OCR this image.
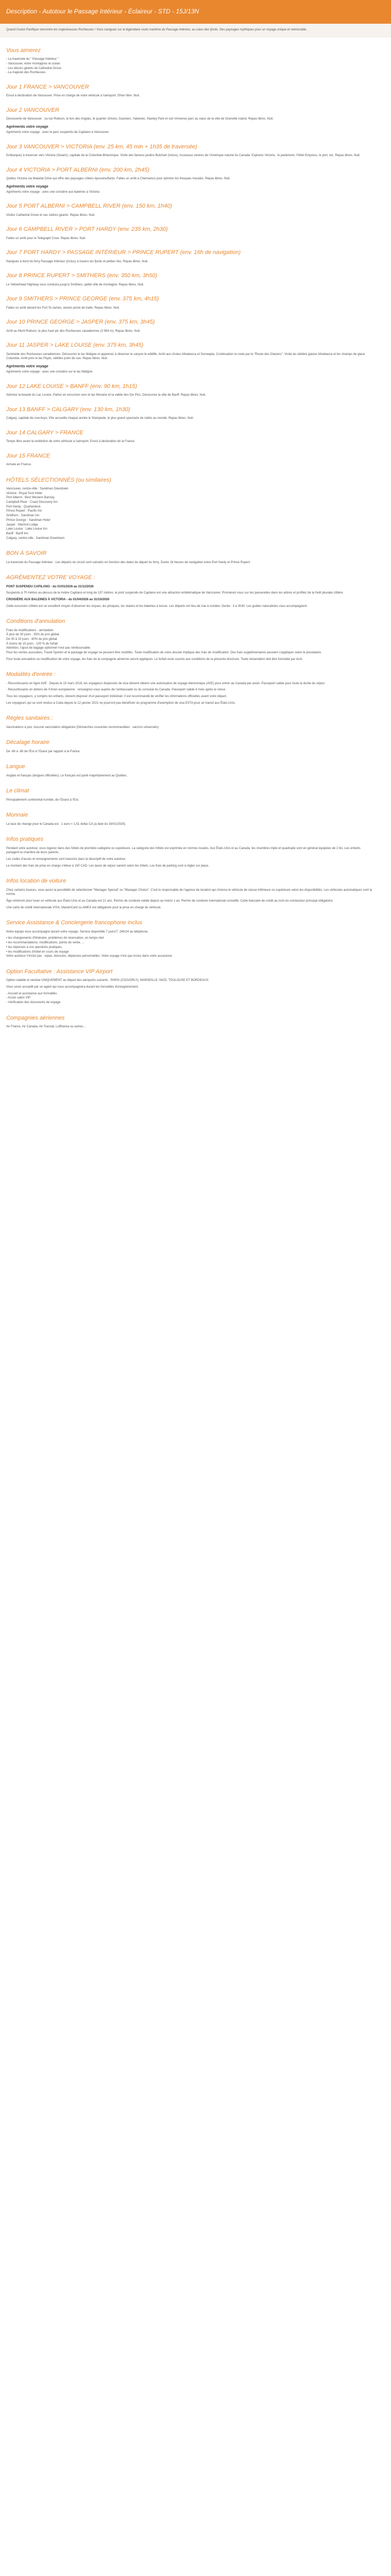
Description - Autotour le Passage Intérieur - Éclaireur - STD - 15J/13N
Quand l'ouest Pacifique rencontre les majestueuses Rocheuses ! Vous naviguez sur la légendaire route maritime du Passage Intérieur, au cœur des fjords. Des paysages mythiques pour un voyage unique et mémorable.
Vous aimerez
- La traversée du " Passage Intérieur "
- Vancouver, entre montagnes et océan
- Les décors géants de Cathedral Grove
- La majesté des Rocheuses
Jour 1 FRANCE > VANCOUVER
Envol à destination de Vancouver. Prise en charge de votre véhicule à l'aéroport. Dîner libre. Nuit.
Jour 2 VANCOUVER
Découverte de Vancouver : sa rue Robson, le lion des Anglais, le quartier chinois, Gastown, Yaletown, Stanley Park et son immense parc au cœur de la ville de Granville Island. Repas libres. Nuit.
Agréments votre voyage
Agréments votre voyage : avec le parc suspendu de Capilano à Vancouver
Jour 3 VANCOUVER > VICTORIA (env. 25 km, 45 min + 1h35 de traversée)
Embarquez à traverser vers Victoria (Swartz), capitale de la Colombie-Britannique. Visite des fameux jardins Butchart (inclus), nouveaux centres de l'Amérique naturel du Canada. Explorez Victoria : le parlement, l'hôtel Empress, le port, etc. Repas libres. Nuit.
Jour 4 VICTORIA > PORT ALBERNI (env. 200 km, 2h45)
Quittez Victoria via Malahat Drive qui offre des paysages côtiers époustouflants. Faites un arrêt à Chemainus pour admirer les fresques murales. Repas libres. Nuit.
Agréments votre voyage
Agréments votre voyage : avec une croisière aux baleines à Victoria
Jour 5 PORT ALBERNI > CAMPBELL RIVER (env. 150 km, 1h40)
Visitez Cathedral Grove et ses cèdres géants. Repas libres. Nuit.
Jour 6 CAMPBELL RIVER > PORT HARDY (env. 235 km, 2h30)
Faites un arrêt pour le Telegraph Cove. Repas libres. Nuit.
Jour 7 PORT HARDY > PASSAGE INTÉRIEUR > PRINCE RUPERT (env. 16h de navigation)
Naviguez à bord du ferry Passage Intérieur (inclus) à travers les fjords et petites îles. Repas libres. Nuit.
Jour 8 PRINCE RUPERT > SMITHERS (env. 350 km, 3h50)
Le Yellowhead Highway vous conduira jusqu'à Smithers, petite ville de montagne. Repas libres. Nuit.
Jour 9 SMITHERS > PRINCE GEORGE (env. 375 km, 4h15)
Faites un arrêt devant les Fort St-James, ancien poste de traite. Repas libres. Nuit.
Jour 10 PRINCE GEORGE > JASPER (env. 375 km, 3h45)
Arrêt au Mont Robson, le plus haut pic des Rocheuses canadiennes (3 954 m). Repas libres. Nuit.
Jour 11 JASPER > LAKE LOUISE (env. 375 km, 3h45)
Sentinelle des Rocheuses canadiennes. Découvrez le lac Maligne et apprenez à observer le canyon le wildlife. Arrêt aux chutes Athabasca et Sunwapta. Continuation la route par le "Route des Glaciers". Visite du célèbre glacier Athabasca et les champs de glace Columbia. Arrêt près le lac Peyto, célèbre point de vue. Repas libres. Nuit.
Agréments votre voyage
Agréments votre voyage : avec une croisière sur le lac Maligne
Jour 12 LAKE LOUISE > BANFF (env. 90 km, 1h15)
Admirez la beauté du Lac Louise. Partez en excursion vers le lac Moraine et la vallée des Dix Pics. Découvrez la ville de Banff. Repas libres. Nuit.
Jour 13 BANFF > CALGARY (env. 130 km, 1h30)
Calgary, capitale de cow-boys. Elle accueille chaque année le Stampede, le plus grand spectacle de rodéo au monde. Repas libres. Nuit.
Jour 14 CALGARY > FRANCE
Temps libre avant la restitution de votre véhicule à l'aéroport. Envol à destination de la France.
Jour 15 FRANCE
Arrivée en France.
HÔTELS SÉLECTIONNÉS (ou similaires)
Vancouver, centre-ville : Sandman Downtown
Victoria : Royal Scot Hotel
Port Alberni : Best Western Barclay
Campbell River : Coast Discovery Inn
Port Hardy : Quarterdeck
Prince Rupert : Pacific Inn
Smithers : Sandman Inn
Prince George : Sandman Hotel
Jasper : Marmot Lodge
Lake Louise : Lake Louise Inn
Banff : Banff Inn
Calgary, centre-ville : Sandman Downtown
BON À SAVOIR
La traversée du Passage Intérieur : Les départs du circuit sont calculés en fonction des dates de départ du ferry. Durée 16 heures de navigation entre Port Hardy et Prince Rupert.
AGRÉMENTEZ VOTRE VOYAGE :
PONT SUSPENDU CAPILANO - du 01/01/2026 au 31/12/2026
Suspendu à 70 mètres au-dessus de la rivière Capilano et long de 137 mètres, le pont suspendu de Capilano est une attraction emblématique de Vancouver. Promenez-vous sur les passerelles dans les arbres et profitez de la forêt pluviale côtière.
CROISIÈRE AUX BALEINES À VICTORIA - du 01/04/2026 au 31/10/2026
Cette excursion côtière est un excellent moyen d'observer les orques, les phoques, les otaries et les baleines à bosse. Les départs ont lieu de mai à octobre. Durée : 3 à 3h30. Les guides naturalistes vous accompagnent.
Conditions d'annulation
Frais de modifications - annulation :
À plus de 30 jours : 35% du prix global
De 30 à 15 jours : 80% du prix global
À moins de 15 jours : 100 % du forfait
Attention, l'ajout de bagage optionnel n'est pas remboursable.
Pour les ventes associées, Travel System et le package de voyage ne peuvent être modifiés. Toute modification de votre dossier implique des frais de modification. Des frais supplémentaires peuvent s'appliquer selon le prestataire.
Pour toute annulation ou modification de votre voyage, les frais de la compagnie aérienne seront appliqués. Le forfait reste soumis aux conditions de la présente brochure. Toute réclamation doit être formulée par écrit.
Modalités d'entrée :
- Ressortissants en ligne AVE : Depuis le 15 mars 2016, les voyageurs dispensés de visa doivent obtenir une autorisation de voyage électronique (AVE) pour entrer au Canada par avion. Passeport valide pour toute la durée du séjour.
- Ressortissants en dehors de l'Union européenne : renseignez-vous auprès de l'ambassade ou du consulat du Canada. Passeport valide 6 mois après le retour.
Tous les voyageurs, y compris les enfants, doivent disposer d'un passeport individuel. Il est recommandé de vérifier les informations officielles avant votre départ.
Les voyageurs qui se sont rendus à Cuba depuis le 12 janvier 2021 ne pourront pas bénéficier du programme d'exemption de visa ESTA pour un transit aux États-Unis.
Règles sanitaires :
Vaccinations à jour. Aucune vaccination obligatoire (Démarches courantes recommandées : vaccins universels).
Décalage horaire
De -6h à -9h de l'Est à l'Ouest par rapport à la France.
Langue
Anglais et français (langues officielles). Le français est parlé majoritairement au Québec.
Le climat
Principalement continental humide, de l'Ouest à l'Est.
Monnaie
Le taux de change pour le Canada est : 1 euro = 1,51 dollar CA (à date du 16/01/2025).
Infos pratiques
Pendant votre autotour, vous logerez dans des hôtels de première catégorie ou supérieure. La catégorie des hôtels est exprimée en normes locales. Aux États-Unis et au Canada, les chambres triple et quadruple sont en général équipées de 2 lits. Les enfants partagent la chambre de leurs parents.
Les codes d'accès et renseignements sont transmis dans le descriptif de votre autotour.
Le montant des frais de prise en charge s'élève à 150 CAD. Les taxes de séjour varient selon les hôtels. Les frais de parking sont à régler sur place.
Infos location de voiture
Chez certains loueurs, vous aurez la possibilité de sélectionner "Manager Special" ou "Manager Choice". C'est le responsable de l'agence de location qui choisira le véhicule de classe inférieure ou supérieure selon les disponibilités. Les véhicules automatiques sont la norme.
Âge minimum pour louer un véhicule aux États-Unis et au Canada est 21 ans. Permis de conduire valide depuis au moins 1 an. Permis de conduire international conseillé. Carte bancaire de crédit au nom du conducteur principal obligatoire.
Une carte de crédit internationale VISA, MasterCard ou AMEX est obligatoire pour la prise en charge du véhicule.
Service Assistance & Conciergerie francophone inclus
Notre équipe vous accompagne durant votre voyage. Service disponible 7 jours/7, 24h/24 au téléphone.
• les changements d'itinéraire, problèmes de réservation, en temps réel
• les recommandations, modifications, points de vente, ...
• les réponses à vos questions pratiques.
• les modifications d'hôtel en cours de voyage
Votre autotour n'inclut pas : repas, boissons, dépenses personnelles. Votre voyage n'est pas inclus dans votre assurance.
Option Facultative : Assistance VIP Airport
Option valable et vendue UNIQUEMENT au départ des aéroports suivants : PARIS (CDG/ORLY), MARSEILLE, NICE, TOULOUSE ET BORDEAUX.
Vous serez accueilli par un agent qui vous accompagnera durant les formalités d'enregistrement.
- Accueil et assistance aux formalités
- Accès salon VIP
- Vérification des documents de voyage
Compagnies aériennes
Air France, Air Canada, Air Transat, Lufthansa ou autres...
